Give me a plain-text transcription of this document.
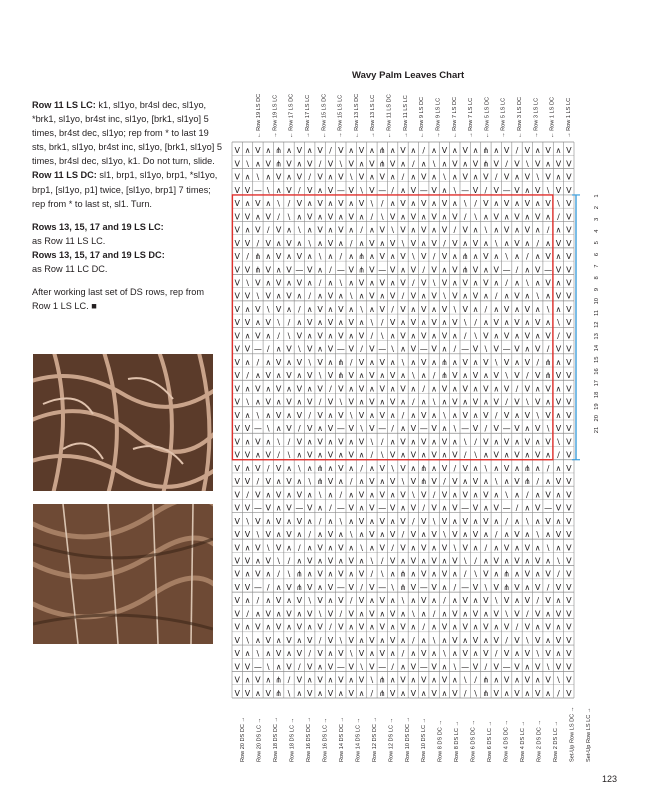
Row 11 LS LC: k1, sl1yo, br4sl dec, sl1yo, *brk1, sl1yo, br4st inc, sl1yo, [brk1, sl1yo] 5 times, br4st dec, sl1yo; rep from * to last 19 sts, brk1, sl1yo, br4st inc, sl1yo, [brk1, sl1yo] 5 times, br4sl dec, sl1yo, k1. Do not turn, slide.
Row 11 LS DC: sl1, brp1, sl1yo, brp1, *sl1yo, brp1, [sl1yo, p1] twice, [sl1yo, brp1] 7 times; rep from * to last st, sl1. Turn.

Rows 13, 15, 17 and 19 LS LC:
as Row 11 LS LC.
Rows 13, 15, 17 and 19 LS DC:
as Row 11 LC DC.

After working last set of DS rows, rep from Row 1 LS LC. ■

Wavy Palm Leaves Chart
V ∧ V ∧ ⋔ ∧ V ∧ V / V ∧ V ∧ ⋔ ∧ V ∧ / ∧ V ∧ V ∧ ⋔ ∧ V / V ∧ V ∧ V
V \ ∧ V ⋔ V ∧ V / V \ V ∧ V ⋔ V ∧ / ∧ \ ∧ V ∧ V ⋔ V / V \ V ∧ V V
V ∧ \ ∧ V ∧ V / V ∧ V \ V ∧ V ∧ / ∧ V ∧ \ ∧ V ∧ V / V ∧ V \ V ∧ V
V V — \ ∧ V / V ∧ V — V \ V — / ∧ V — V ∧ \ — V / V — V ∧ V \ V V
V ∧ V ∧ \ / V ∧ V ∧ V ∧ V \ / ∧ V ∧ V ∧ V ∧ \ / V ∧ V ∧ V ∧ V \ V
V V ∧ V / \ ∧ V ∧ V ∧ V ∧ / \ V ∧ V ∧ V ∧ V / \ ∧ V ∧ V ∧ V ∧ / V
V ∧ V / V ∧ \ ∧ V ∧ V ∧ / ∧ V \ V ∧ V ∧ V / V ∧ \ ∧ V ∧ V ∧ / ∧ V
V V / V ∧ V ∧ \ ∧ V ∧ / ∧ V ∧ V \ V ∧ V / V ∧ V ∧ \ ∧ V ∧ / ∧ V V
V / ⋔ ∧ V ∧ V ∧ \ ∧ / ∧ ⋔ ∧ V ∧ V \ V / V ∧ ⋔ ∧ V ∧ \ ∧ / ∧ V ∧ V
V V ⋔ V ∧ V — V ∧ / — V ⋔ V — V ∧ V / V ∧ V ⋔ V ∧ V — / ∧ V — V V
V \ V ∧ V ∧ V ∧ / ∧ \ ∧ V ∧ V ∧ V / V \ V ∧ V ∧ V ∧ / ∧ \ ∧ V ∧ V
V V \ V ∧ V ∧ / ∧ V ∧ \ ∧ V ∧ V / V ∧ V \ V ∧ V ∧ / ∧ V ∧ \ ∧ V V
V ∧ V \ V ∧ / ∧ V ∧ V ∧ \ ∧ V / V ∧ V ∧ V \ V ∧ / ∧ V ∧ V ∧ \ ∧ V
V V ∧ V \ / ∧ V ∧ V ∧ V ∧ \ / V ∧ V ∧ V ∧ V \ / ∧ V ∧ V ∧ V ∧ \ V
V ∧ V ∧ / \ V ∧ V ∧ V ∧ V / \ ∧ V ∧ V ∧ V ∧ / \ V ∧ V ∧ V ∧ V / V
V V — / ∧ V \ V ∧ V — V / V — \ ∧ V — V ∧ / — V \ V — V ∧ V / V V
V ∧ / ∧ V ∧ V \ V ∧ ⋔ / V ∧ V ∧ \ ∧ V ∧ ⋔ ∧ V ∧ V \ V ∧ V / ⋔ ∧ V
V / ∧ V ∧ V ∧ V \ V ⋔ V ∧ V ∧ V ∧ \ ∧ / ⋔ V ∧ V ∧ V \ V / V ⋔ V V
V ∧ V ∧ V ∧ V ∧ V / V ∧ V ∧ V ∧ V ∧ / ∧ V ∧ V ∧ V ∧ V / V ∧ V ∧ V
V \ ∧ V ∧ V ∧ V / V \ V ∧ V ∧ V ∧ / ∧ \ ∧ V ∧ V ∧ V / V \ V ∧ V V
V ∧ \ ∧ V ∧ V / V ∧ V \ V ∧ V ∧ / ∧ V ∧ \ ∧ V ∧ V / V ∧ V \ V ∧ V
V V — \ ∧ V / V ∧ V — V \ V — / ∧ V — V ∧ \ — V / V — V ∧ V \ V V
V ∧ V ∧ \ / V ∧ V ∧ V ∧ V \ / ∧ V ∧ V ∧ V ∧ \ / V ∧ V ∧ V ∧ V \ V
V V ∧ V / \ ∧ V ∧ V ∧ V ∧ / \ V ∧ V ∧ V ∧ V / \ ∧ V ∧ V ∧ V ∧ / V
V ∧ V / V ∧ \ ∧ ⋔ ∧ V ∧ / ∧ V \ V ∧ ⋔ ∧ V / V ∧ \ ∧ V ∧ ⋔ ∧ / ∧ V
V V / V ∧ V ∧ \ ⋔ V ∧ / ∧ V ∧ V \ V ⋔ V / V ∧ V ∧ \ ∧ V ⋔ / ∧ V V
V / V ∧ V ∧ V ∧ \ ∧ / ∧ V ∧ V ∧ V \ V / V ∧ V ∧ V ∧ \ ∧ / ∧ V ∧ V
V V — V ∧ V — V ∧ / — V ∧ V — V ∧ V / V ∧ V — V ∧ V — / ∧ V — V V
V \ V ∧ V ∧ V ∧ / ∧ \ ∧ V ∧ V ∧ V / V \ V ∧ V ∧ V ∧ / ∧ \ ∧ V ∧ V
V V \ V ∧ V ∧ / ∧ V ∧ \ ∧ V ∧ V / V ∧ V \ V ∧ V ∧ / ∧ V ∧ \ ∧ V V
V ∧ V \ V ∧ / ∧ V ∧ V ∧ \ ∧ V / V ∧ V ∧ V \ V ∧ / ∧ V ∧ V ∧ \ ∧ V
V V ∧ V \ / ∧ V ∧ V ∧ V ∧ \ / V ∧ V ∧ V ∧ V \ / ∧ V ∧ V ∧ V ∧ \ V
V ∧ V ∧ / \ ⋔ ∧ V ∧ V ∧ V / \ ∧ ⋔ ∧ V ∧ V ∧ / \ V ∧ ⋔ ∧ V ∧ V / V
V V — / ∧ V ⋔ V ∧ V — V / V — \ ⋔ V — V ∧ / — V \ V ⋔ V ∧ V / V V
V ∧ / ∧ V ∧ V \ V ∧ V / V ∧ V ∧ \ ∧ V ∧ / ∧ V ∧ V \ V ∧ V / V ∧ V
V / ∧ V ∧ V ∧ V \ V / V ∧ V ∧ V ∧ \ ∧ / ∧ V ∧ V ∧ V \ V / V ∧ V V
V ∧ V ∧ V ∧ V ∧ V / V ∧ V ∧ V ∧ V ∧ / ∧ V ∧ V ∧ V ∧ V / V ∧ V ∧ V
V \ ∧ V ∧ V ∧ V / V \ V ∧ V ∧ V ∧ / ∧ \ ∧ V ∧ V ∧ V / V \ V ∧ V V
V ∧ \ ∧ V ∧ V / V ∧ V \ V ∧ V ∧ / ∧ V ∧ \ ∧ V ∧ V / V ∧ V \ V ∧ V
V V — \ ∧ V / V ∧ V — V \ V — / ∧ V — V ∧ \ — V / V — V ∧ V \ V V
V ∧ V ∧ ⋔ / V ∧ V ∧ V ∧ V \ ⋔ ∧ V ∧ V ∧ V ∧ \ / ⋔ ∧ V ∧ V ∧ V \ V
V V ∧ V ⋔ \ ∧ V ∧ V ∧ V ∧ / ⋔ V ∧ V ∧ V ∧ V / \ ⋔ V ∧ V ∧ V ∧ / V
← Row 19 LS DC → Row 19 LS LC ← Row 17 LS DC → Row 17 LS LC ← Row 15 LS DC → Row 15 LS LC ← Row 13 LS DC → Row 13 LS LC ← Row 11 LS DC → Row 11 LS LC ← Row 9 LS DC → Row 9 LS LC ← Row 7 LS DC → Row 7 LS LC ← Row 5 LS DC → Row 5 LS LC ← Row 3 LS DC → Row 3 LS LC ← Row 1 LS DC → Row 1 LS LC
Row 20 DS DC → Row 20 DS LC → Row 18 DS DC → Row 18 DS LC → Row 16 DS DC → Row 16 DS LC → Row 14 DS DC → Row 14 DS LC → Row 12 DS DC → Row 12 DS LC → Row 10 DS DC → Row 10 DS LC → Row 8 DS DC → Row 8 DS LC → Row 6 DS DC → Row 6 DS LC → Row 4 DS DC → Row 4 DS LC → Row 2 DS DC → Row 2 DS LC → Set-Up Row LS DC → Set-Up Row LS LC →
1
2
3
4
5
6
7
8
9
10
11
12
13
14
15
16
17
18
19
20
21
123
